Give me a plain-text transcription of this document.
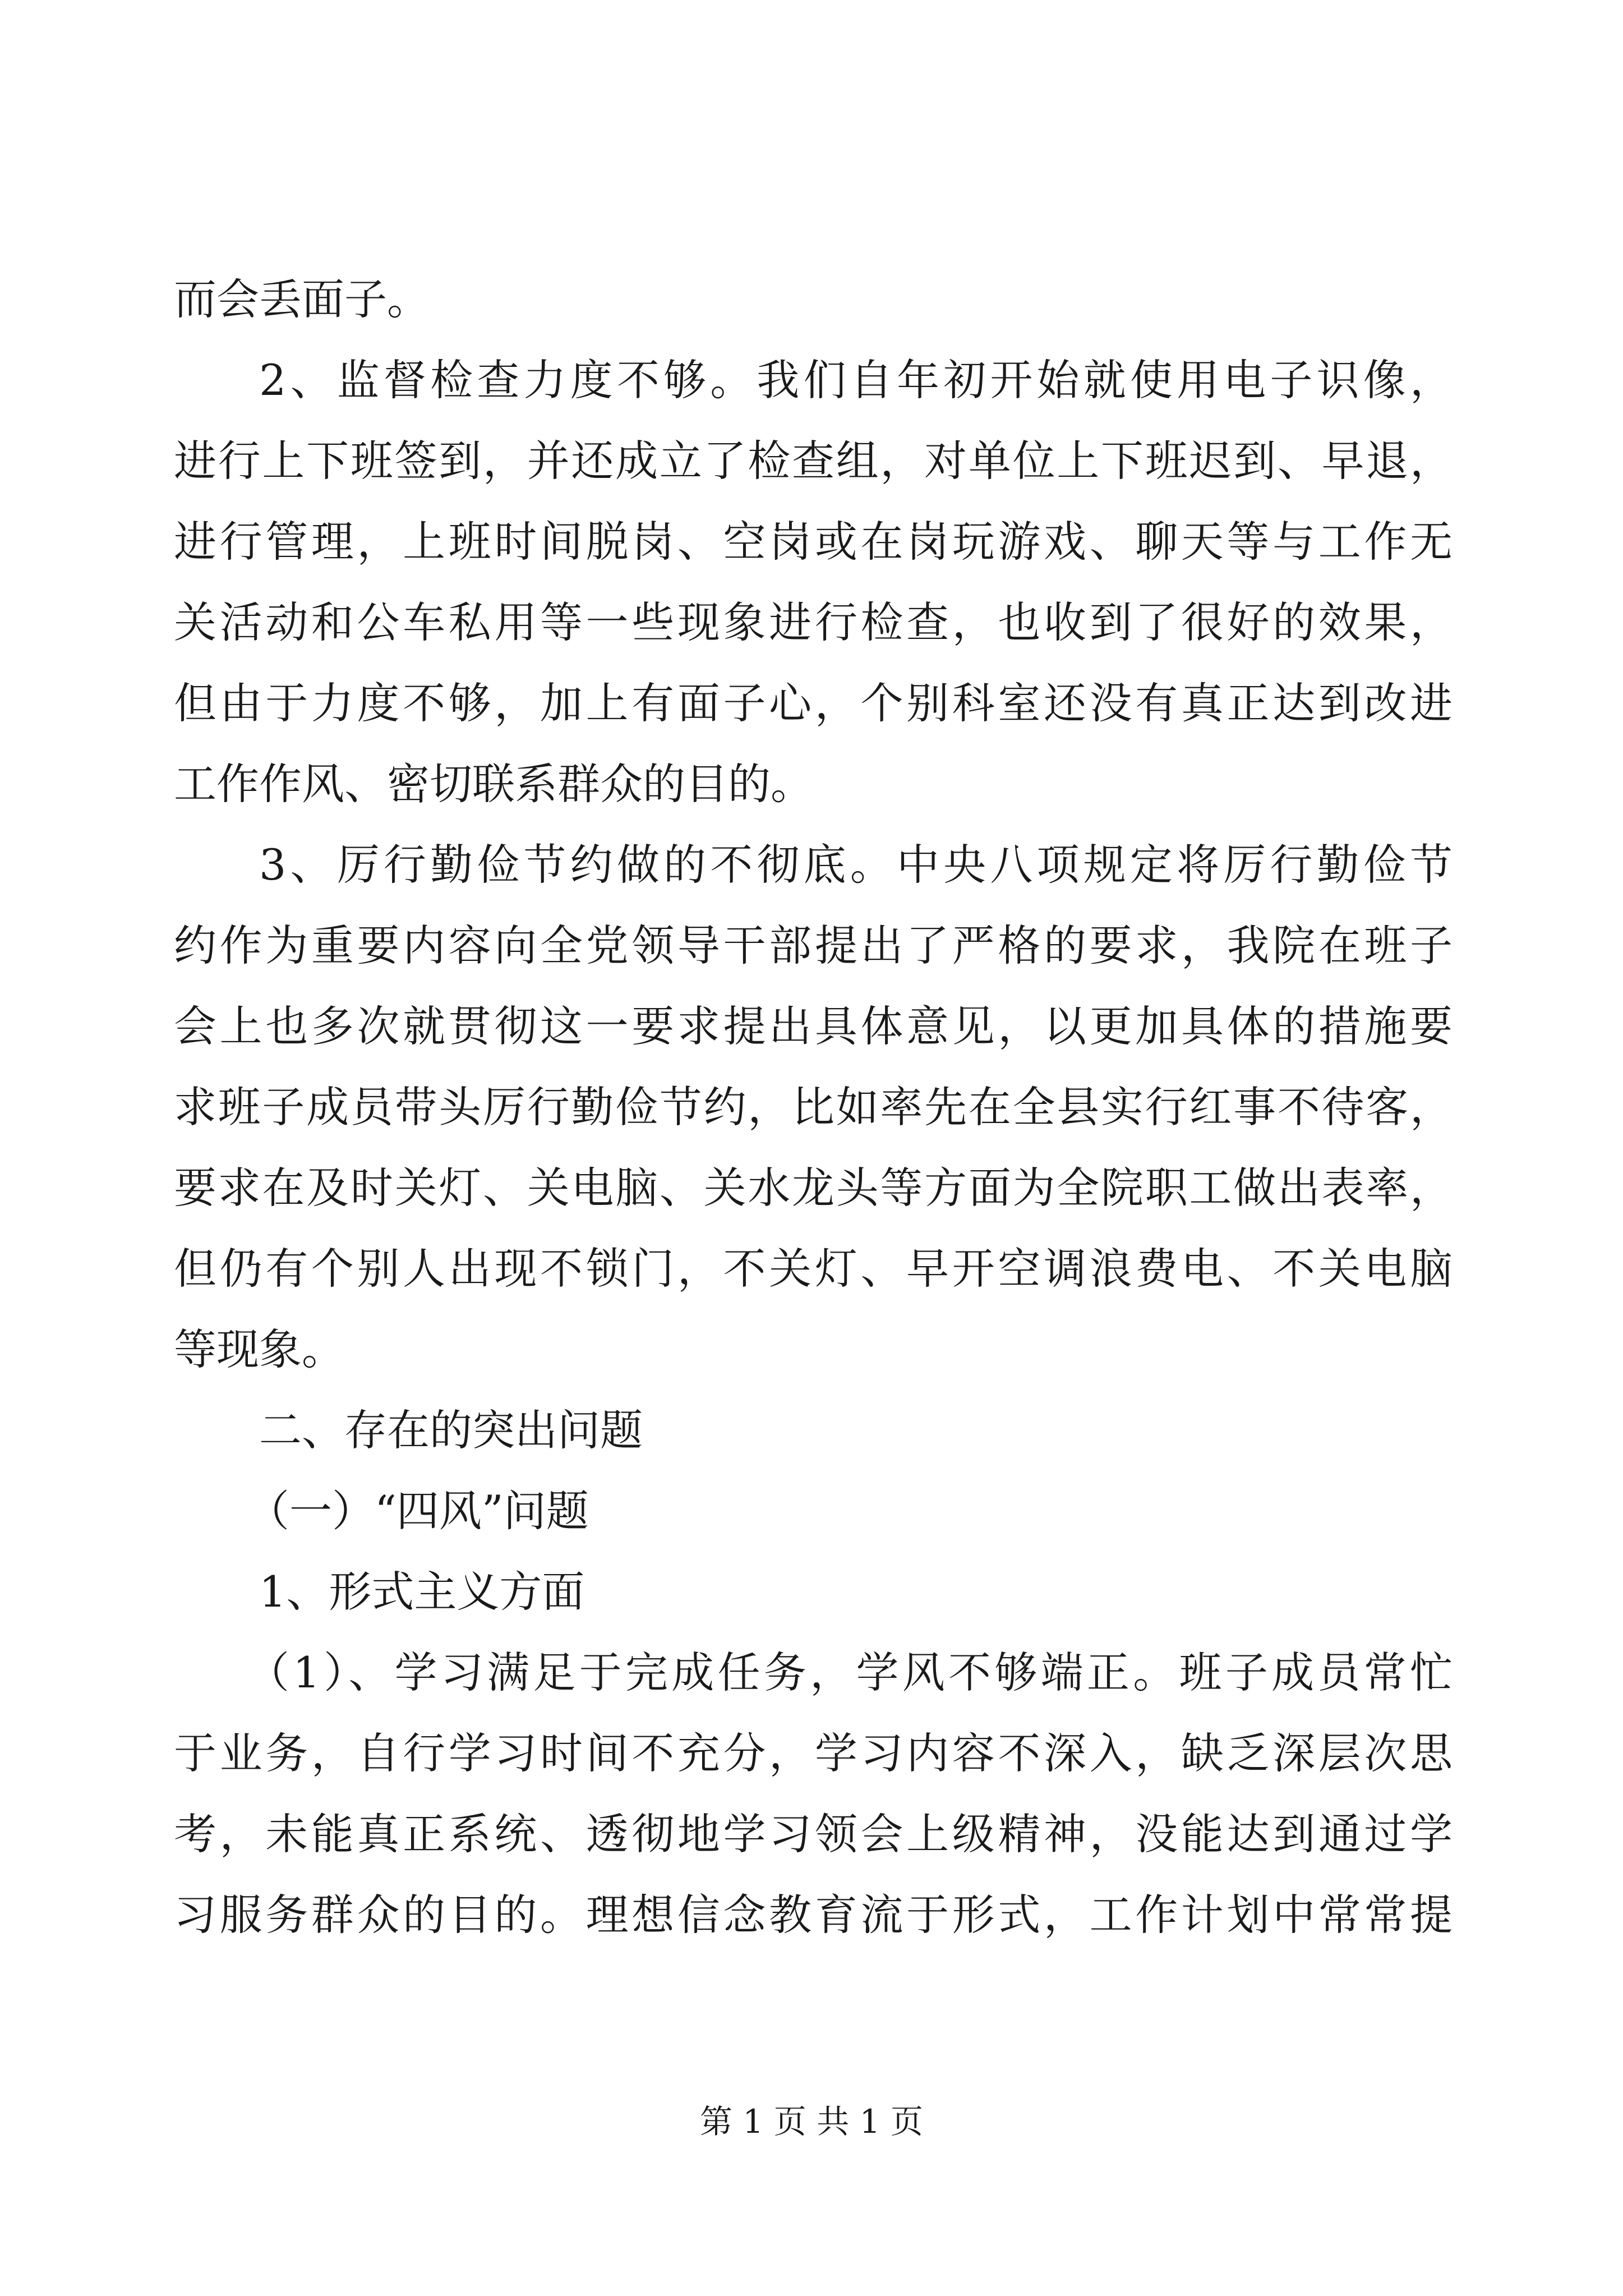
而会丢面子。
2、监督检查力度不够。我们自年初开始就使用电子识像，
进行上下班签到，并还成立了检查组，对单位上下班迟到、早退，
进行管理，上班时间脱岗、空岗或在岗玩游戏、聊天等与工作无
关活动和公车私用等一些现象进行检查，也收到了很好的效果，
但由于力度不够，加上有面子心，个别科室还没有真正达到改进
工作作风、密切联系群众的目的。
3、厉行勤俭节约做的不彻底。中央八项规定将厉行勤俭节
约作为重要内容向全党领导干部提出了严格的要求，我院在班子
会上也多次就贯彻这一要求提出具体意见，以更加具体的措施要
求班子成员带头厉行勤俭节约，比如率先在全县实行红事不待客，
要求在及时关灯、关电脑、关水龙头等方面为全院职工做出表率，
但仍有个别人出现不锁门，不关灯、早开空调浪费电、不关电脑
等现象。
二、存在的突出问题
（一）“四风”问题
1、形式主义方面
（1）、学习满足于完成任务，学风不够端正。班子成员常忙
于业务，自行学习时间不充分，学习内容不深入，缺乏深层次思
考，未能真正系统、透彻地学习领会上级精神，没能达到通过学
习服务群众的目的。理想信念教育流于形式，工作计划中常常提
第 1 页 共 1 页
